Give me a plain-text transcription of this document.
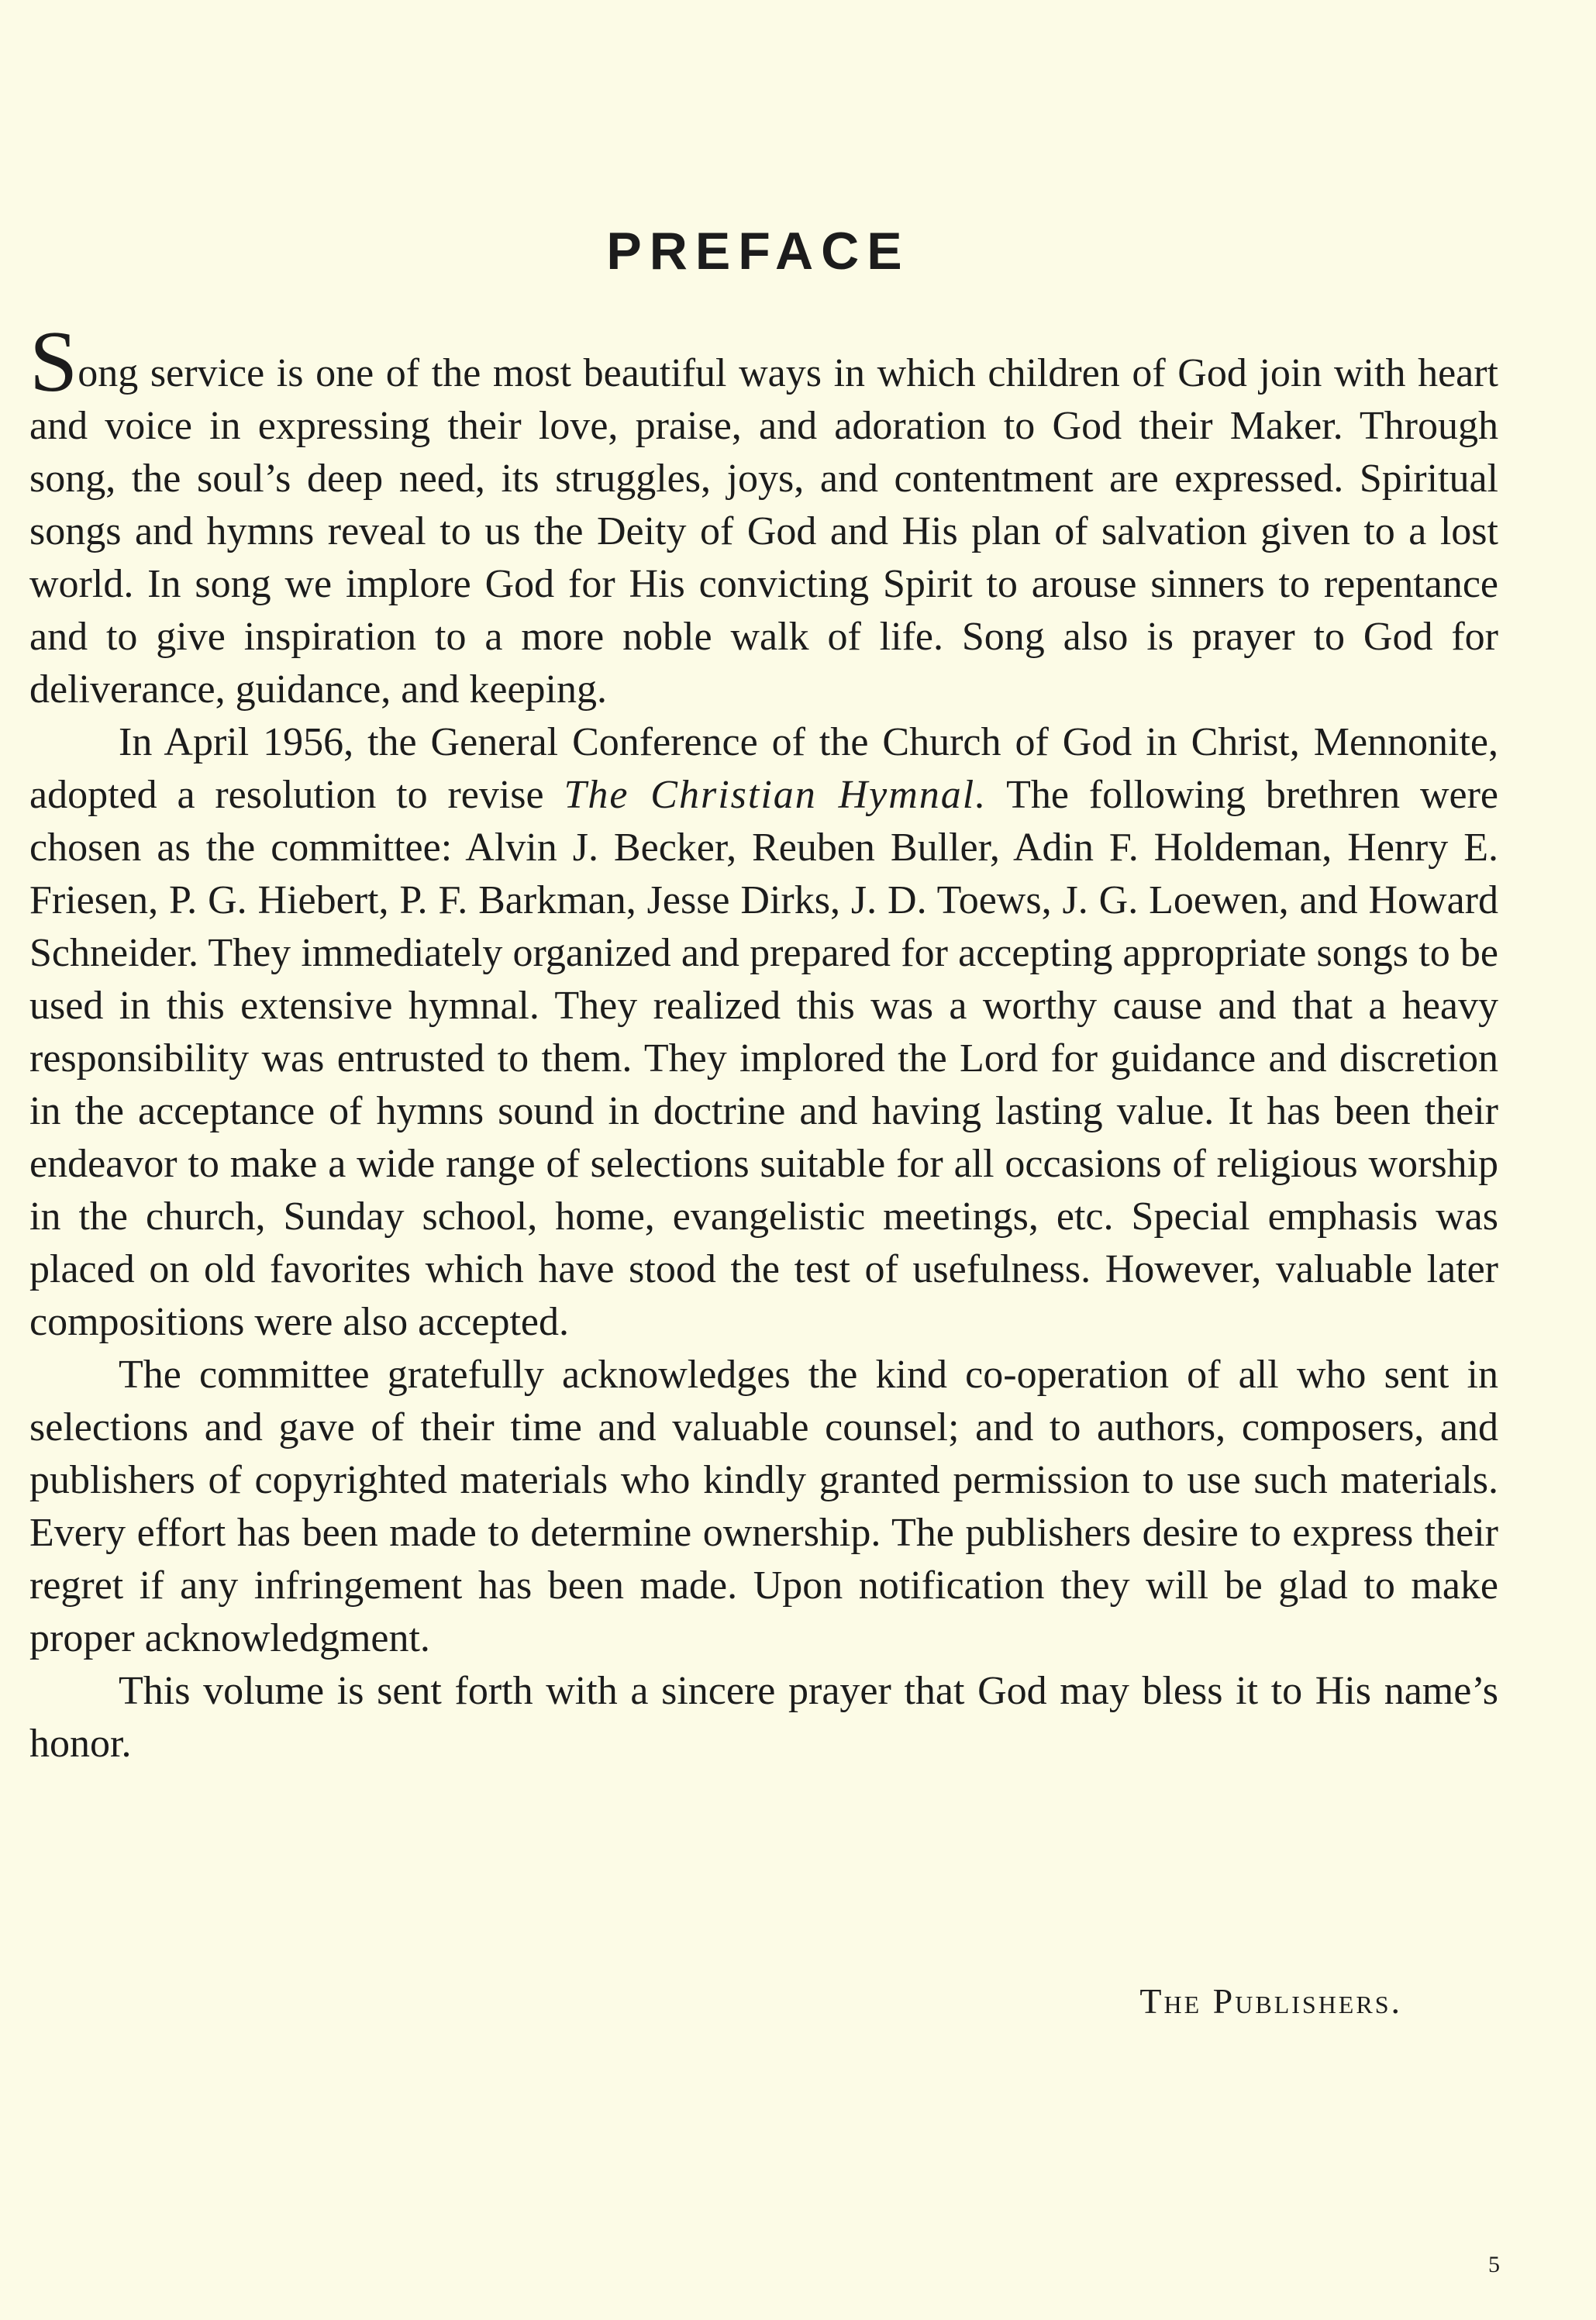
PREFACE

Song service is one of the most beautiful ways in which children of God join with heart and voice in expressing their love, praise, and adoration to God their Maker. Through song, the soul’s deep need, its struggles, joys, and contentment are expressed. Spiritual songs and hymns reveal to us the Deity of God and His plan of salvation given to a lost world. In song we implore God for His convicting Spirit to arouse sinners to repentance and to give inspiration to a more noble walk of life. Song also is prayer to God for deliverance, guidance, and keeping.

In April 1956, the General Conference of the Church of God in Christ, Mennonite, adopted a resolution to revise The Christian Hymnal. The following brethren were chosen as the committee: Alvin J. Becker, Reuben Buller, Adin F. Holdeman, Henry E. Friesen, P. G. Hiebert, P. F. Barkman, Jesse Dirks, J. D. Toews, J. G. Loewen, and Howard Schneider. They immediately organized and prepared for accepting appropriate songs to be used in this extensive hymnal. They realized this was a worthy cause and that a heavy responsibility was entrusted to them. They implored the Lord for guidance and discretion in the acceptance of hymns sound in doctrine and having lasting value. It has been their endeavor to make a wide range of selections suitable for all occasions of religious worship in the church, Sunday school, home, evangelistic meetings, etc. Special emphasis was placed on old favorites which have stood the test of usefulness. However, valuable later compositions were also accepted.

The committee gratefully acknowledges the kind co-operation of all who sent in selections and gave of their time and valuable counsel; and to authors, composers, and publishers of copyrighted materials who kindly granted permission to use such materials. Every effort has been made to determine ownership. The publishers desire to express their regret if any infringement has been made. Upon notification they will be glad to make proper acknowledgment.

This volume is sent forth with a sincere prayer that God may bless it to His name’s honor.

The Publishers.
5
